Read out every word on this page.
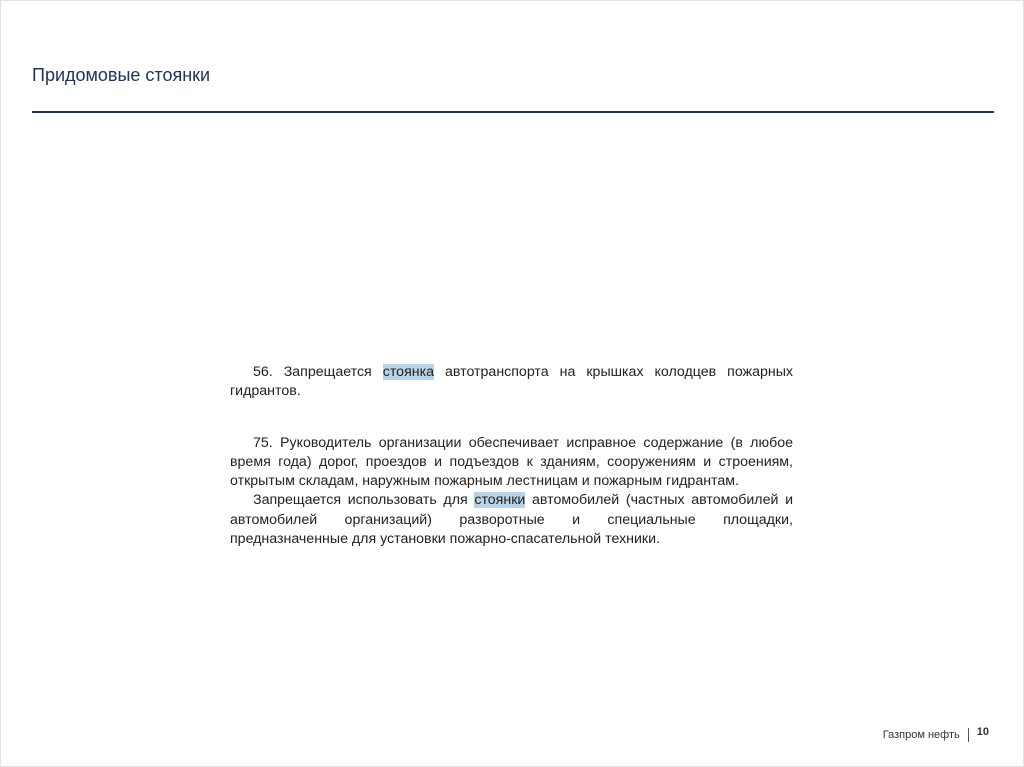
Придомовые стоянки

56. Запрещается стоянка автотранспорта на крышках колодцев пожарных гидрантов.

75. Руководитель организации обеспечивает исправное содержание (в любое время года) дорог, проездов и подъездов к зданиям, сооружениям и строениям, открытым складам, наружным пожарным лестницам и пожарным гидрантам.

Запрещается использовать для стоянки автомобилей (частных автомобилей и автомобилей организаций) разворотные и специальные площадки, предназначенные для установки пожарно-спасательной техники.

Газпром нефть 10
